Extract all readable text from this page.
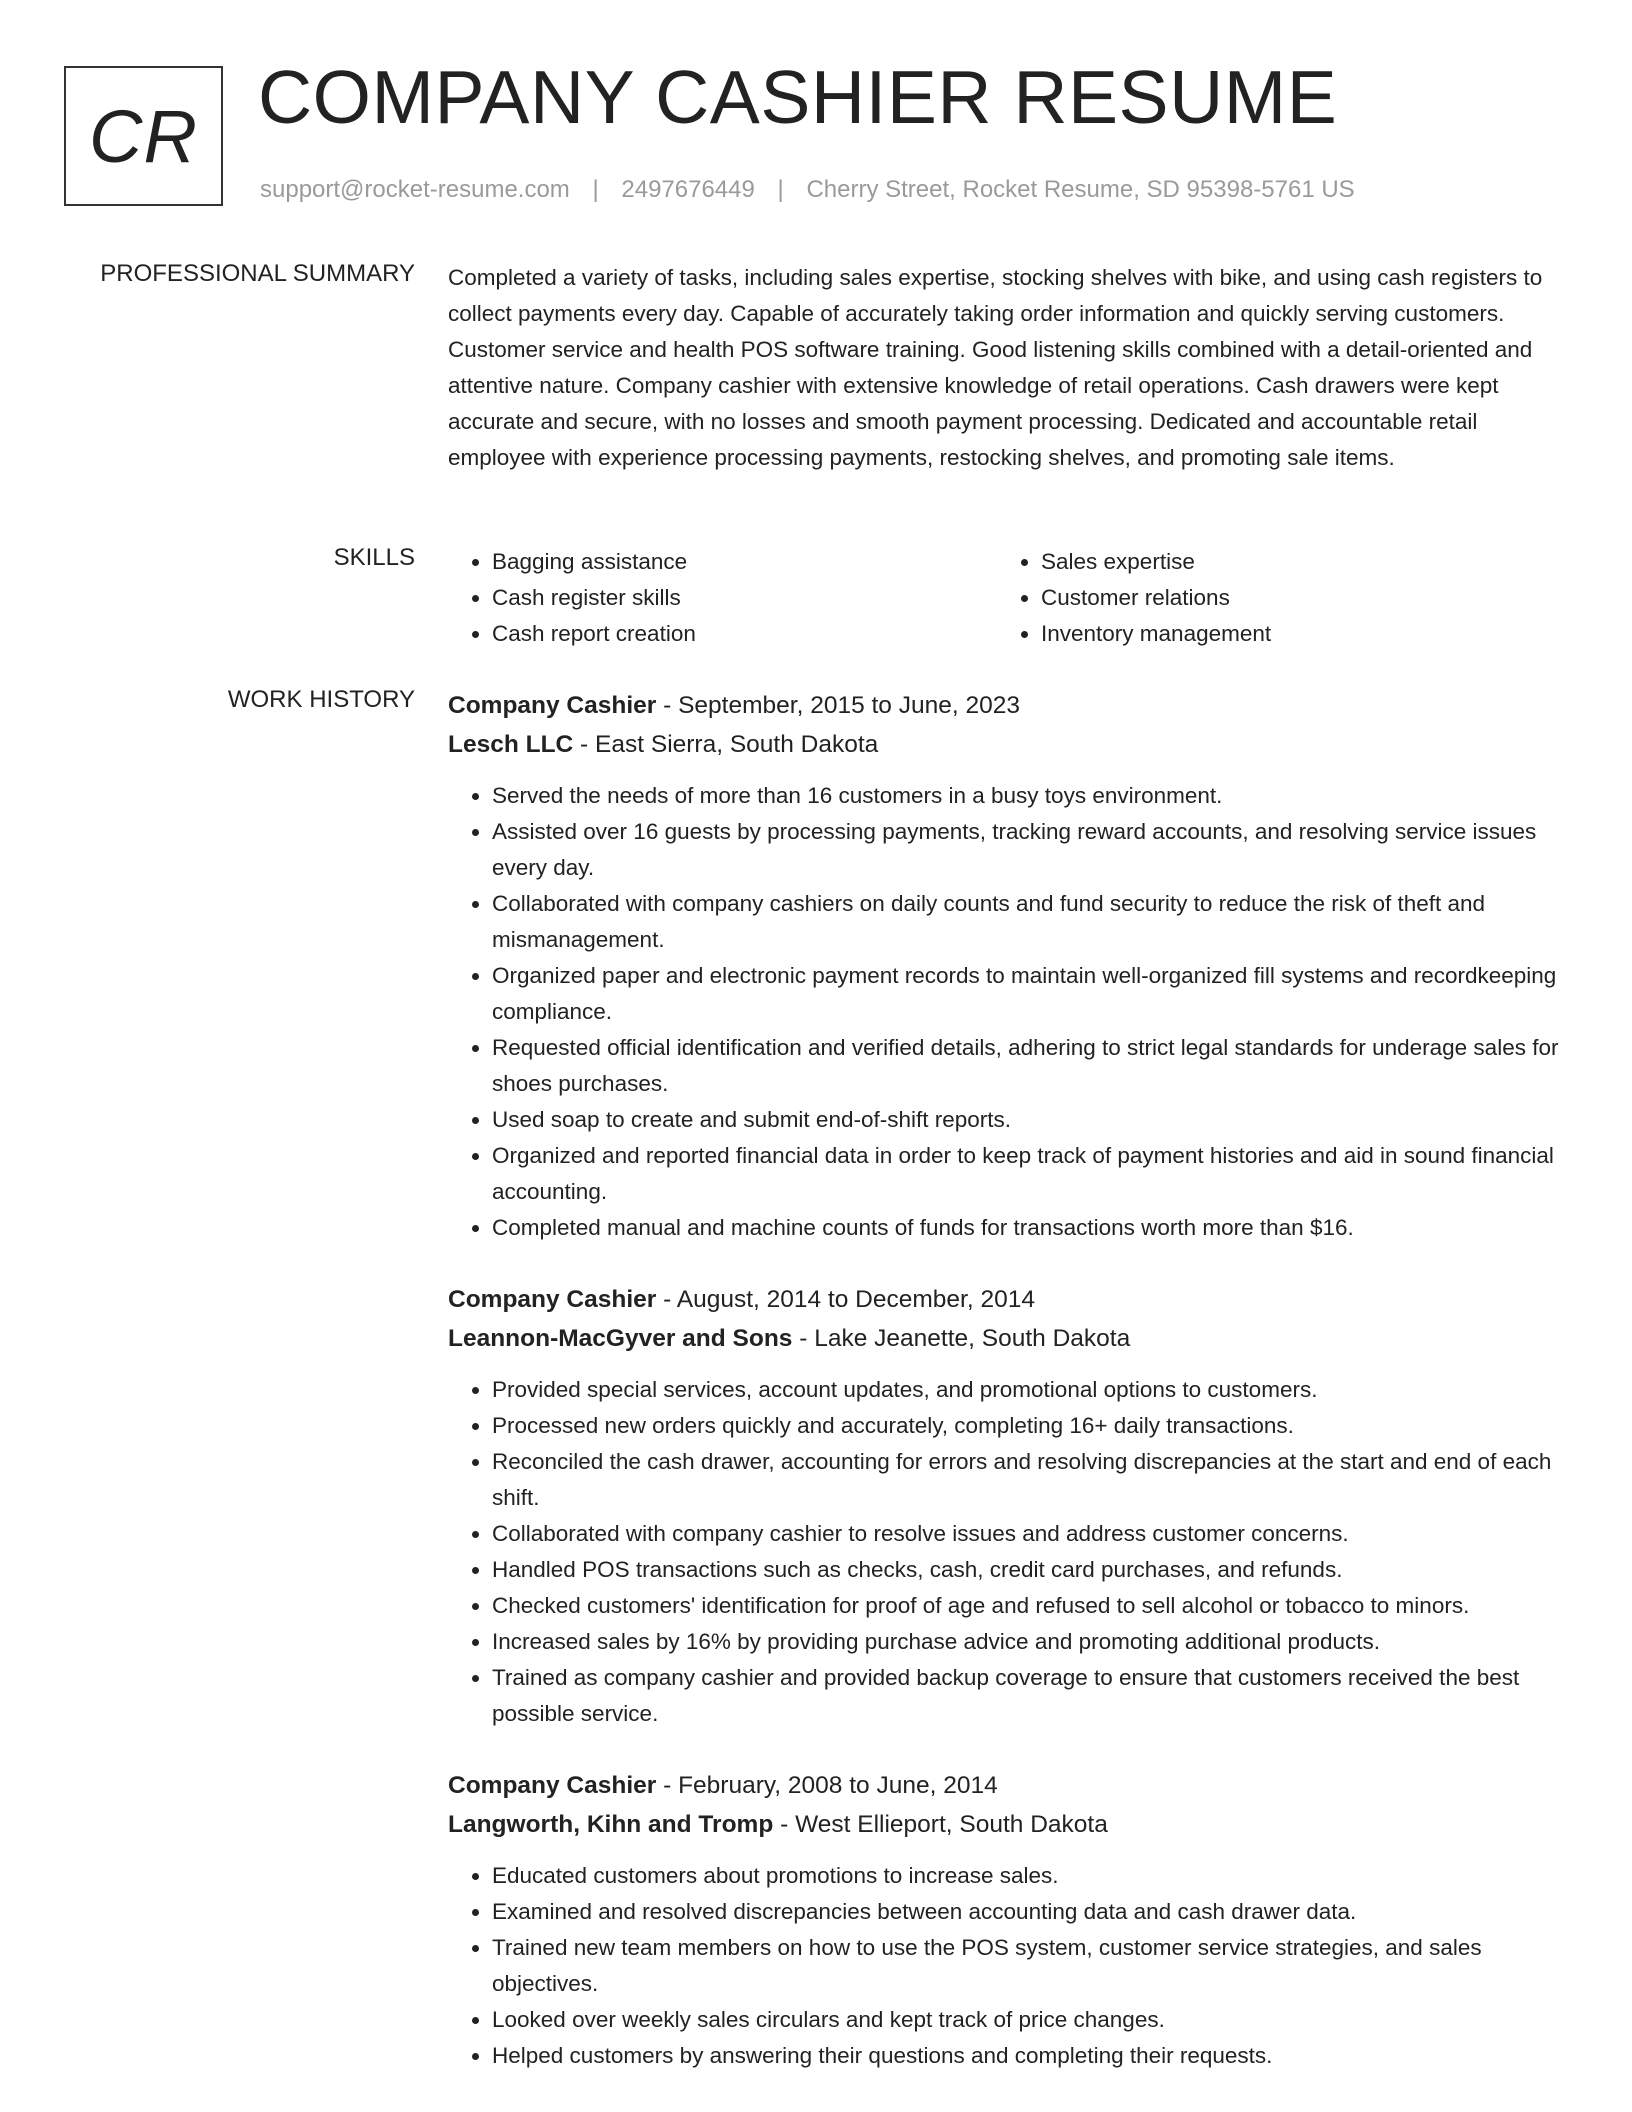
CR COMPANY CASHIER RESUME
support@rocket-resume.com | 2497676449 | Cherry Street, Rocket Resume, SD 95398-5761 US
PROFESSIONAL SUMMARY Completed a variety of tasks, including sales expertise, stocking shelves with bike, and using cash registers to collect payments every day. Capable of accurately taking order information and quickly serving customers. Customer service and health POS software training. Good listening skills combined with a detail-oriented and attentive nature. Company cashier with extensive knowledge of retail operations. Cash drawers were kept accurate and secure, with no losses and smooth payment processing. Dedicated and accountable retail employee with experience processing payments, restocking shelves, and promoting sale items.

SKILLS
•	Bagging assistance
• Cash register skills
• Cash report creation
• Sales expertise
• Customer relations
• Inventory management
WORK HISTORY Company Cashier - September, 2015 to June, 2023
Lesch LLC - East Sierra, South Dakota
• Served the needs of more than 16 customers in a busy toys environment.
• Assisted over 16 guests by processing payments, tracking reward accounts, and resolving service issues every day.
• Collaborated with company cashiers on daily counts and fund security to reduce the risk of theft and mismanagement.
• Organized paper and electronic payment records to maintain well-organized fill systems and recordkeeping compliance.
• Requested official identification and verified details, adhering to strict legal standards for underage sales for shoes purchases.
• Used soap to create and submit end-of-shift reports.
• Organized and reported financial data in order to keep track of payment histories and aid in sound financial accounting.
• Completed manual and machine counts of funds for transactions worth more than $16.
Company Cashier - August, 2014 to December, 2014
Leannon-MacGyver and Sons - Lake Jeanette, South Dakota
• Provided special services, account updates, and promotional options to customers.
• Processed new orders quickly and accurately, completing 16+ daily transactions.
• Reconciled the cash drawer, accounting for errors and resolving discrepancies at the start and end of each shift.
• Collaborated with company cashier to resolve issues and address customer concerns.
• Handled POS transactions such as checks, cash, credit card purchases, and refunds.
• Checked customers' identification for proof of age and refused to sell alcohol or tobacco to minors.
• Increased sales by 16% by providing purchase advice and promoting additional products.
• Trained as company cashier and provided backup coverage to ensure that customers received the best possible service.
Company Cashier - February, 2008 to June, 2014
Langworth, Kihn and Tromp - West Ellieport, South Dakota
• Educated customers about promotions to increase sales.
• Examined and resolved discrepancies between accounting data and cash drawer data.
• Trained new team members on how to use the POS system, customer service strategies, and sales objectives.
• Looked over weekly sales circulars and kept track of price changes.
• Helped customers by answering their questions and completing their requests.
